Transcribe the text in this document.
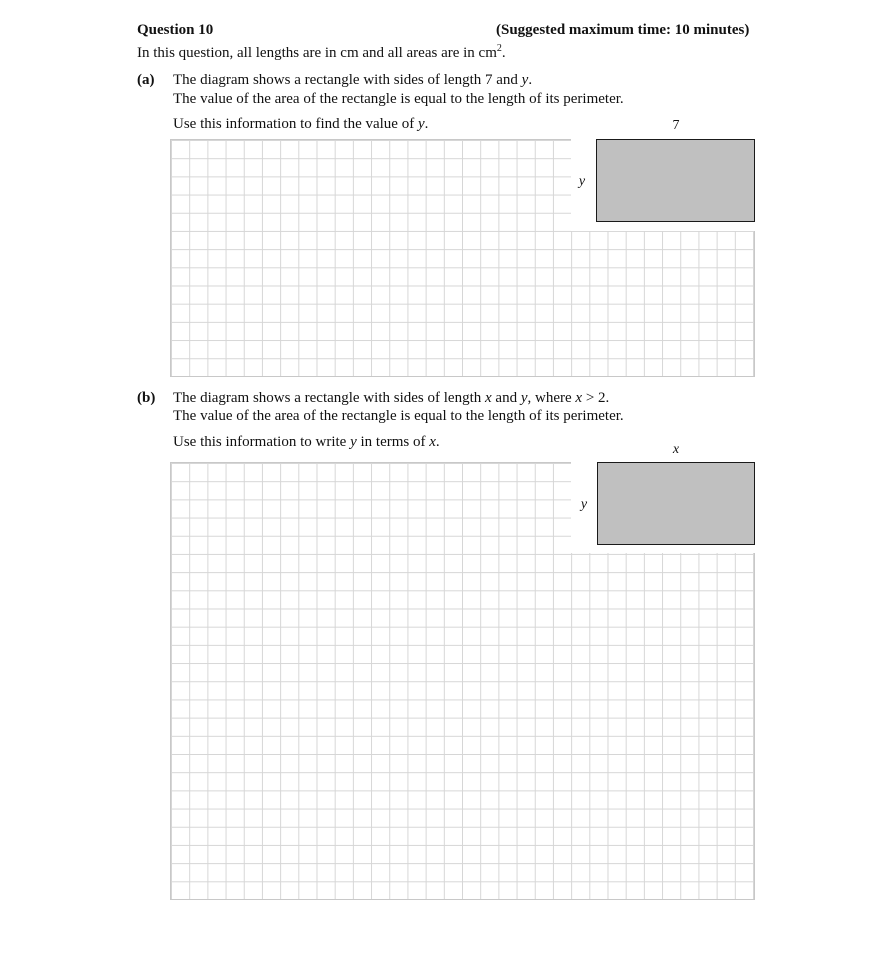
Question 10	(Suggested maximum time: 10 minutes)
In this question, all lengths are in cm and all areas are in $cm^2$.
(a) The diagram shows a rectangle with sides of length 7 and y.
The value of the area of the rectangle is equal to the length of its perimeter.
Use this information to find the value of y.	7
y
(b) The diagram shows a rectangle with sides of length x and y, where x > 2.
The value of the area of the rectangle is equal to the length of its perimeter.
Use this information to write y in terms of x.	x
y
